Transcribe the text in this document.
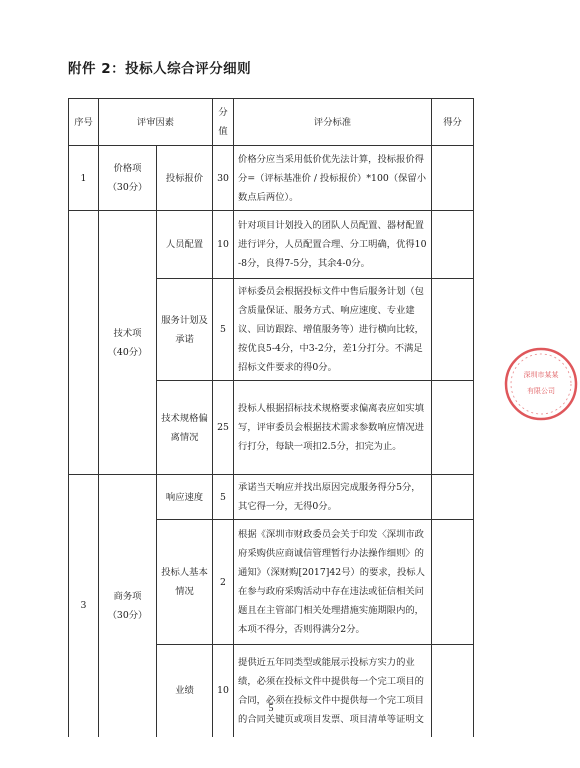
附件 2：投标人综合评分细则
序号	评审因素		分值	评分标准	得分
1	价格项（30分）	投标报价	30	价格分应当采用低价优先法计算，投标报价得分=（评标基准价 / 投标报价）*100（保留小数点后两位）。	
	技术项（40分）	人员配置	10	针对项目计划投入的团队人员配置、器材配置进行评分，人员配置合理、分工明确，优得10-8分，良得7-5分，其余4-0分。	
		服务计划及承诺	5	评标委员会根据投标文件中售后服务计划（包含质量保证、服务方式、响应速度、专业建议、回访跟踪、增值服务等）进行横向比较，按优良5-4分，中3-2分，差1分打分。不满足招标文件要求的得0分。	
		技术规格偏离情况	25	投标人根据招标技术规格要求偏离表应如实填写，评审委员会根据技术需求参数响应情况进行打分，每缺一项扣2.5分，扣完为止。	
3	商务项（30分）	响应速度	5	承诺当天响应并找出原因完成服务得分5分，其它得一分，无得0分。	
		投标人基本情况	2	根据《深圳市财政委员会关于印发〈深圳市政府采购供应商诚信管理暂行办法操作细则〉的通知》（深财购[2017]42号）的要求，投标人在参与政府采购活动中存在违法或征信相关问题且在主管部门相关处理措施实施期限内的，本项不得分，否则得满分2分。	
		业绩	10	提供近五年同类型或能展示投标方实力的业绩，必须在投标文件中提供每一个完工项目的合同，必须在投标文件中提供每一个完工项目的合同关键页或项目发票、项目清单等证明文	
深圳市某某
有限公司
5
